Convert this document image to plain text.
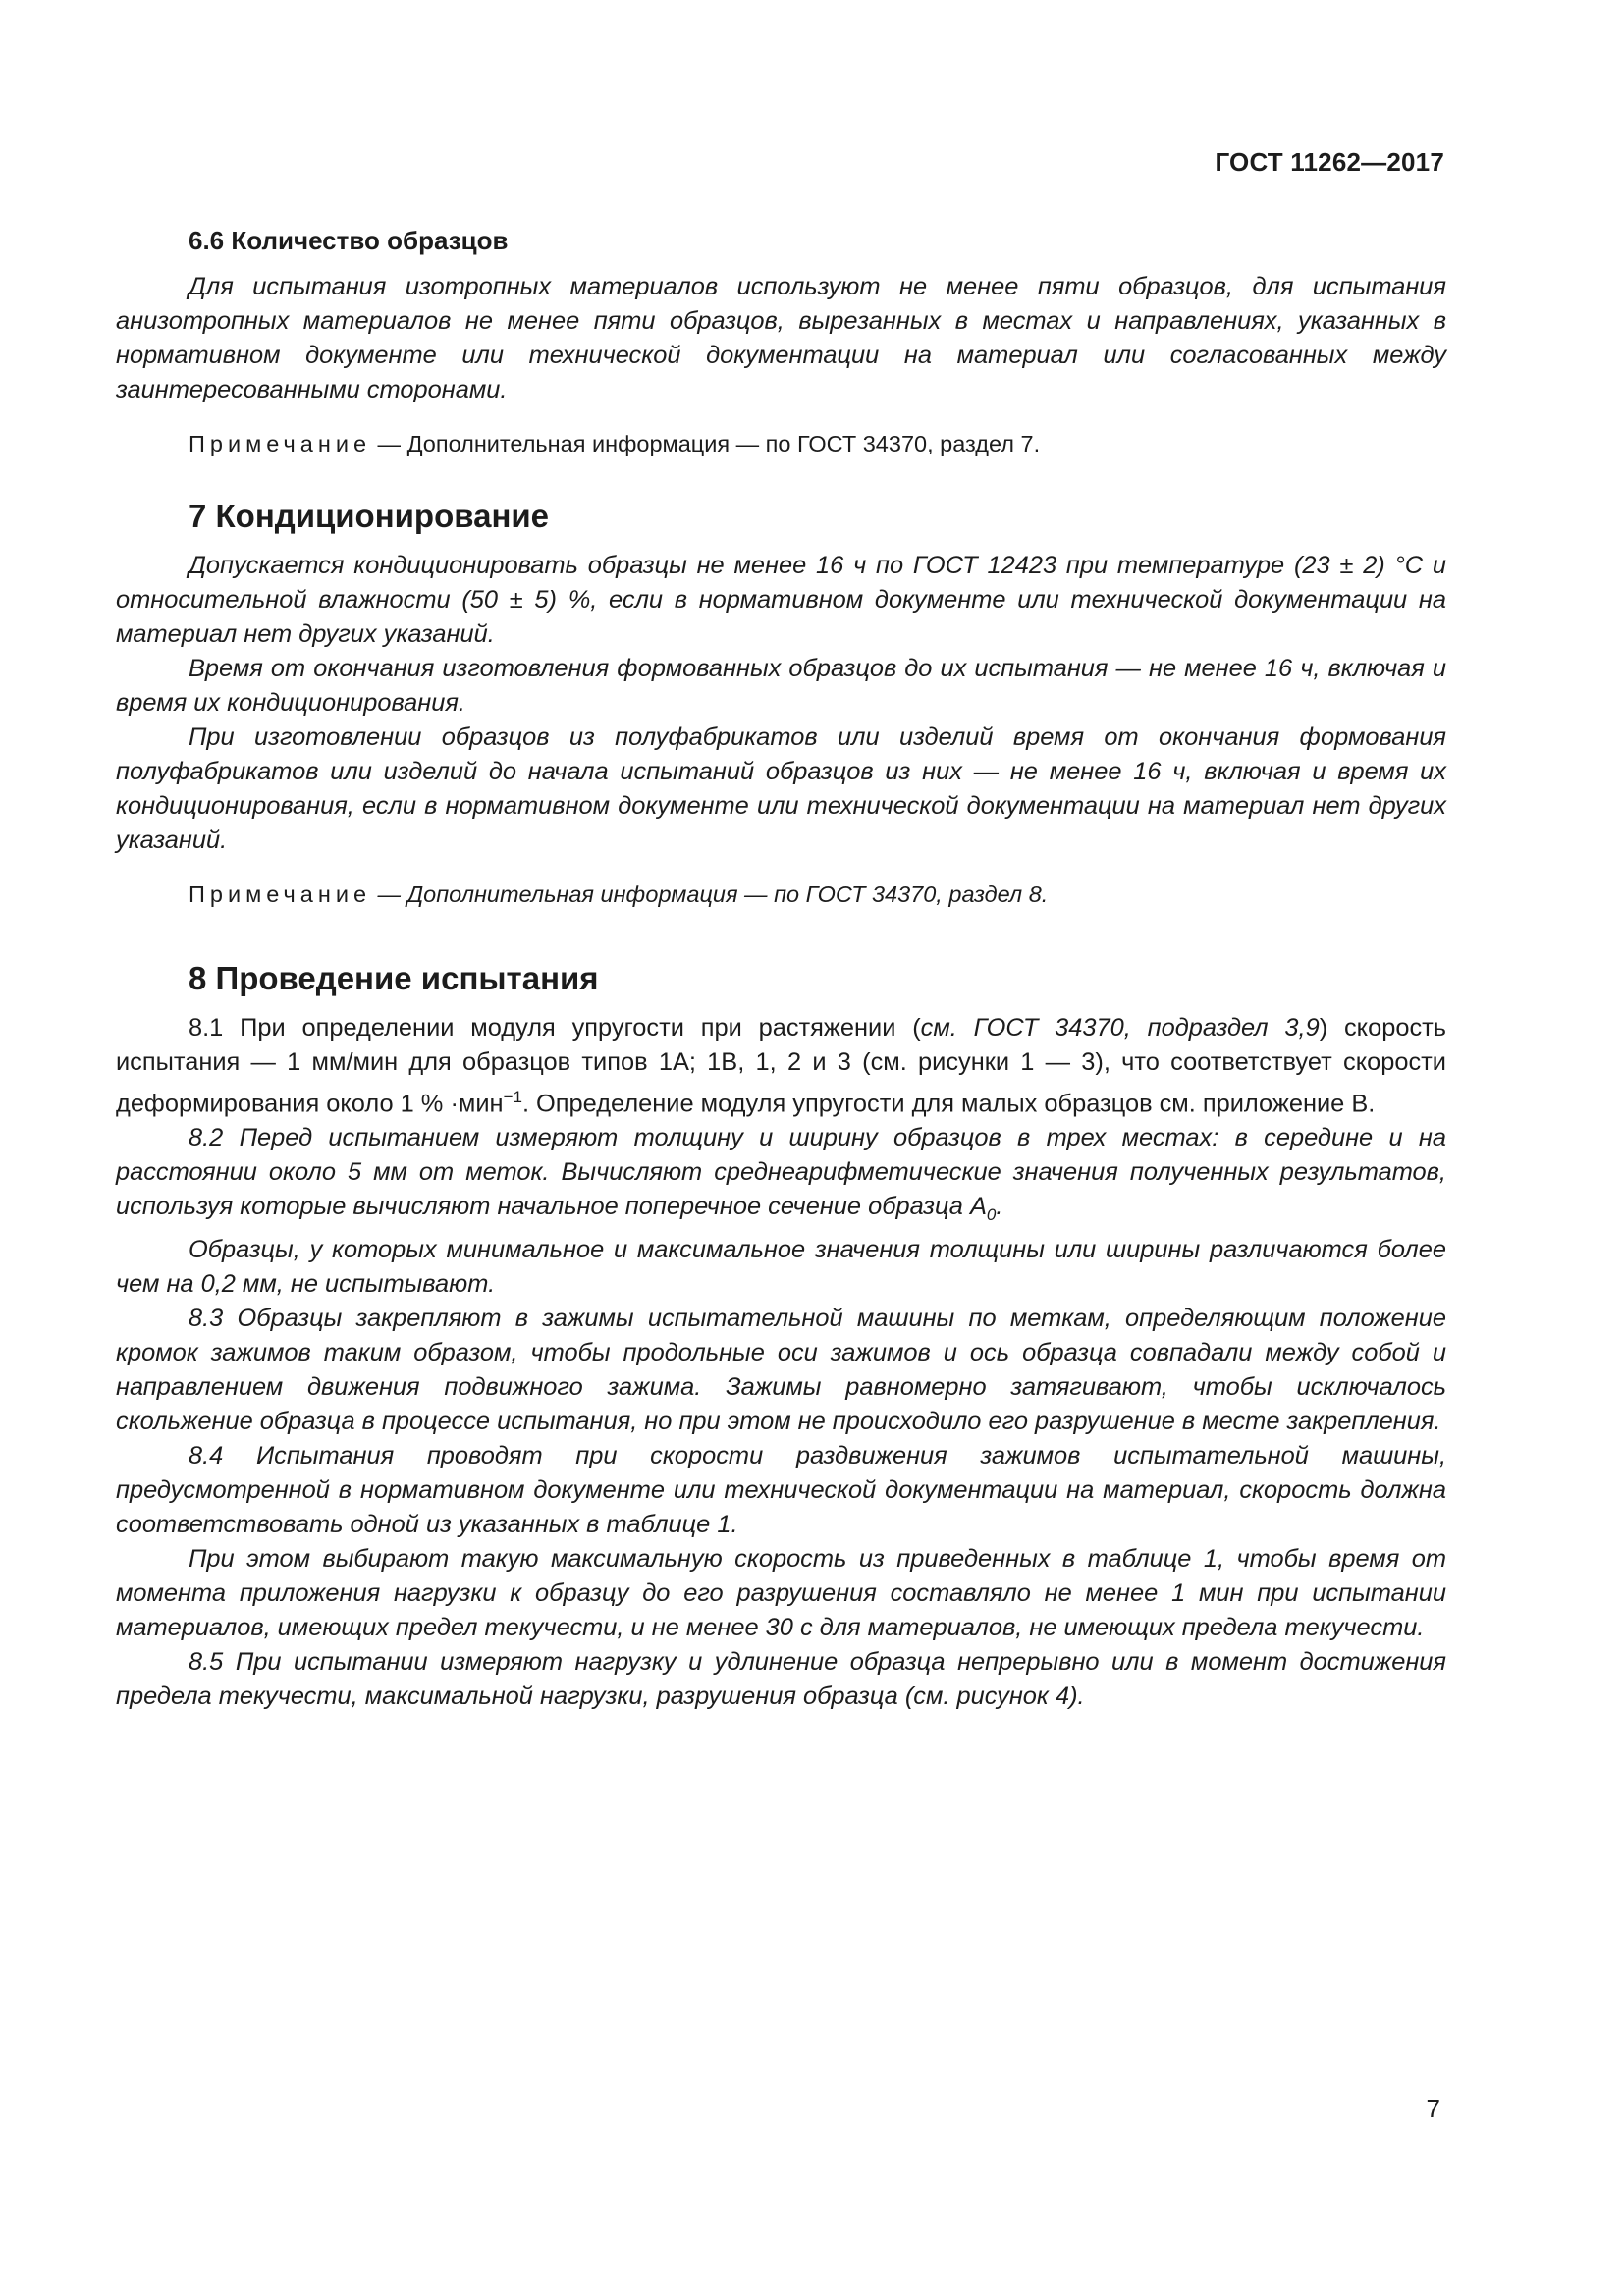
ГОСТ 11262—2017
6.6 Количество образцов

Для испытания изотропных материалов используют не менее пяти образцов, для испытания анизотропных материалов не менее пяти образцов, вырезанных в местах и направлениях, указанных в нормативном документе или технической документации на материал или согласованных между заинтересованными сторонами.

Примечание — Дополнительная информация — по ГОСТ 34370, раздел 7.
7 Кондиционирование

Допускается кондиционировать образцы не менее 16 ч по ГОСТ 12423 при температуре (23 ± 2) °С и относительной влажности (50 ± 5) %, если в нормативном документе или технической документации на материал нет других указаний.

Время от окончания изготовления формованных образцов до их испытания — не менее 16 ч, включая и время их кондиционирования.

При изготовлении образцов из полуфабрикатов или изделий время от окончания формования полуфабрикатов или изделий до начала испытаний образцов из них — не менее 16 ч, включая и время их кондиционирования, если в нормативном документе или технической документации на материал нет других указаний.

Примечание — Дополнительная информация — по ГОСТ 34370, раздел 8.
8 Проведение испытания

8.1 При определении модуля упругости при растяжении (см. ГОСТ 34370, подраздел 3,9) скорость испытания — 1 мм/мин для образцов типов 1А; 1В, 1, 2 и 3 (см. рисунки 1 — 3), что соответствует скорости деформирования около 1 % ·мин$^{-1}$. Определение модуля упругости для малых образцов см. приложение В.

8.2 Перед испытанием измеряют толщину и ширину образцов в трех местах: в середине и на расстоянии около 5 мм от меток. Вычисляют среднеарифметические значения полученных результатов, используя которые вычисляют начальное поперечное сечение образца $A_0$.

Образцы, у которых минимальное и максимальное значения толщины или ширины различаются более чем на 0,2 мм, не испытывают.

8.3 Образцы закрепляют в зажимы испытательной машины по меткам, определяющим положение кромок зажимов таким образом, чтобы продольные оси зажимов и ось образца совпадали между собой и направлением движения подвижного зажима. Зажимы равномерно затягивают, чтобы исключалось скольжение образца в процессе испытания, но при этом не происходило его разрушение в месте закрепления.

8.4 Испытания проводят при скорости раздвижения зажимов испытательной машины, предусмотренной в нормативном документе или технической документации на материал, скорость должна соответствовать одной из указанных в таблице 1.

При этом выбирают такую максимальную скорость из приведенных в таблице 1, чтобы время от момента приложения нагрузки к образцу до его разрушения составляло не менее 1 мин при испытании материалов, имеющих предел текучести, и не менее 30 с для материалов, не имеющих предела текучести.

8.5 При испытании измеряют нагрузку и удлинение образца непрерывно или в момент достижения предела текучести, максимальной нагрузки, разрушения образца (см. рисунок 4).

7
